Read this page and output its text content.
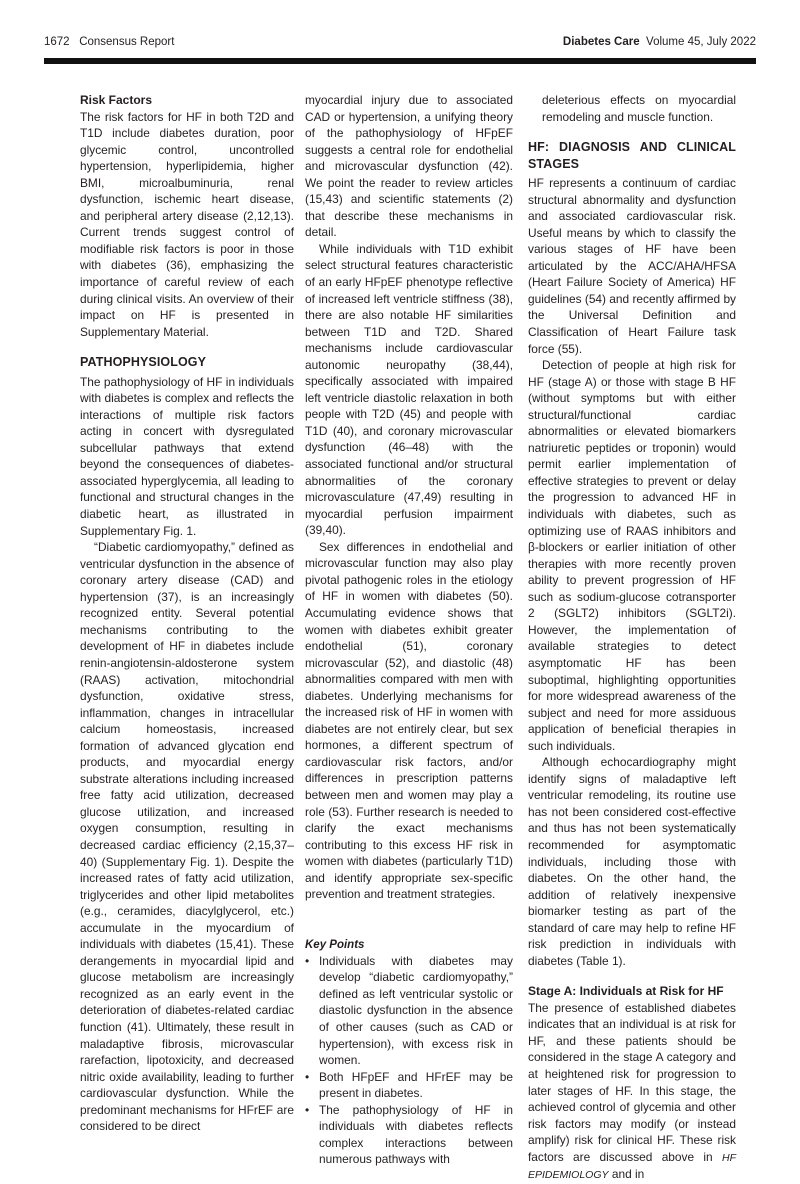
1672 Consensus Report	Diabetes Care Volume 45, July 2022
Risk Factors

The risk factors for HF in both T2D and T1D include diabetes duration, poor glycemic control, uncontrolled hypertension, hyperlipidemia, higher BMI, microalbuminuria, renal dysfunction, ischemic heart disease, and peripheral artery disease (2,12,13). Current trends suggest control of modifiable risk factors is poor in those with diabetes (36), emphasizing the importance of careful review of each during clinical visits. An overview of their impact on HF is presented in Supplementary Material.

PATHOPHYSIOLOGY

The pathophysiology of HF in individuals with diabetes is complex and reflects the interactions of multiple risk factors acting in concert with dysregulated subcellular pathways that extend beyond the consequences of diabetes-associated hyperglycemia, all leading to functional and structural changes in the diabetic heart, as illustrated in Supplementary Fig. 1.

“Diabetic cardiomyopathy,” defined as ventricular dysfunction in the absence of coronary artery disease (CAD) and hypertension (37), is an increasingly recognized entity. Several potential mechanisms contributing to the development of HF in diabetes include renin-angiotensin-aldosterone system (RAAS) activation, mitochondrial dysfunction, oxidative stress, inflammation, changes in intracellular calcium homeostasis, increased formation of advanced glycation end products, and myocardial energy substrate alterations including increased free fatty acid utilization, decreased glucose utilization, and increased oxygen consumption, resulting in decreased cardiac efficiency (2,15,37–40) (Supplementary Fig. 1). Despite the increased rates of fatty acid utilization, triglycerides and other lipid metabolites (e.g., ceramides, diacylglycerol, etc.) accumulate in the myocardium of individuals with diabetes (15,41). These derangements in myocardial lipid and glucose metabolism are increasingly recognized as an early event in the deterioration of diabetes-related cardiac function (41). Ultimately, these result in maladaptive fibrosis, microvascular rarefaction, lipotoxicity, and decreased nitric oxide availability, leading to further cardiovascular dysfunction. While the predominant mechanisms for HFrEF are considered to be direct

myocardial injury due to associated CAD or hypertension, a unifying theory of the pathophysiology of HFpEF suggests a central role for endothelial and microvascular dysfunction (42). We point the reader to review articles (15,43) and scientific statements (2) that describe these mechanisms in detail.

While individuals with T1D exhibit select structural features characteristic of an early HFpEF phenotype reflective of increased left ventricle stiffness (38), there are also notable HF similarities between T1D and T2D. Shared mechanisms include cardiovascular autonomic neuropathy (38,44), specifically associated with impaired left ventricle diastolic relaxation in both people with T2D (45) and people with T1D (40), and coronary microvascular dysfunction (46–48) with the associated functional and/or structural abnormalities of the coronary microvasculature (47,49) resulting in myocardial perfusion impairment (39,40).

Sex differences in endothelial and microvascular function may also play pivotal pathogenic roles in the etiology of HF in women with diabetes (50). Accumulating evidence shows that women with diabetes exhibit greater endothelial (51), coronary microvascular (52), and diastolic (48) abnormalities compared with men with diabetes. Underlying mechanisms for the increased risk of HF in women with diabetes are not entirely clear, but sex hormones, a different spectrum of cardiovascular risk factors, and/or differences in prescription patterns between men and women may play a role (53). Further research is needed to clarify the exact mechanisms contributing to this excess HF risk in women with diabetes (particularly T1D) and identify appropriate sex-specific prevention and treatment strategies.

Key Points

• Individuals with diabetes may develop “diabetic cardiomyopathy,” defined as left ventricular systolic or diastolic dysfunction in the absence of other causes (such as CAD or hypertension), with excess risk in women.
• Both HFpEF and HFrEF may be present in diabetes.
• The pathophysiology of HF in individuals with diabetes reflects complex interactions between numerous pathways with

deleterious effects on myocardial remodeling and muscle function.

HF: DIAGNOSIS AND CLINICAL STAGES

HF represents a continuum of cardiac structural abnormality and dysfunction and associated cardiovascular risk. Useful means by which to classify the various stages of HF have been articulated by the ACC/AHA/HFSA (Heart Failure Society of America) HF guidelines (54) and recently affirmed by the Universal Definition and Classification of Heart Failure task force (55).

Detection of people at high risk for HF (stage A) or those with stage B HF (without symptoms but with either structural/functional cardiac abnormalities or elevated biomarkers natriuretic peptides or troponin) would permit earlier implementation of effective strategies to prevent or delay the progression to advanced HF in individuals with diabetes, such as optimizing use of RAAS inhibitors and β-blockers or earlier initiation of other therapies with more recently proven ability to prevent progression of HF such as sodium-glucose cotransporter 2 (SGLT2) inhibitors (SGLT2i). However, the implementation of available strategies to detect asymptomatic HF has been suboptimal, highlighting opportunities for more widespread awareness of the subject and need for more assiduous application of beneficial therapies in such individuals.

Although echocardiography might identify signs of maladaptive left ventricular remodeling, its routine use has not been considered cost-effective and thus has not been systematically recommended for asymptomatic individuals, including those with diabetes. On the other hand, the addition of relatively inexpensive biomarker testing as part of the standard of care may help to refine HF risk prediction in individuals with diabetes (Table 1).

Stage A: Individuals at Risk for HF

The presence of established diabetes indicates that an individual is at risk for HF, and these patients should be considered in the stage A category and at heightened risk for progression to later stages of HF. In this stage, the achieved control of glycemia and other risk factors may modify (or instead amplify) risk for clinical HF. These risk factors are discussed above in HF EPIDEMIOLOGY and in
